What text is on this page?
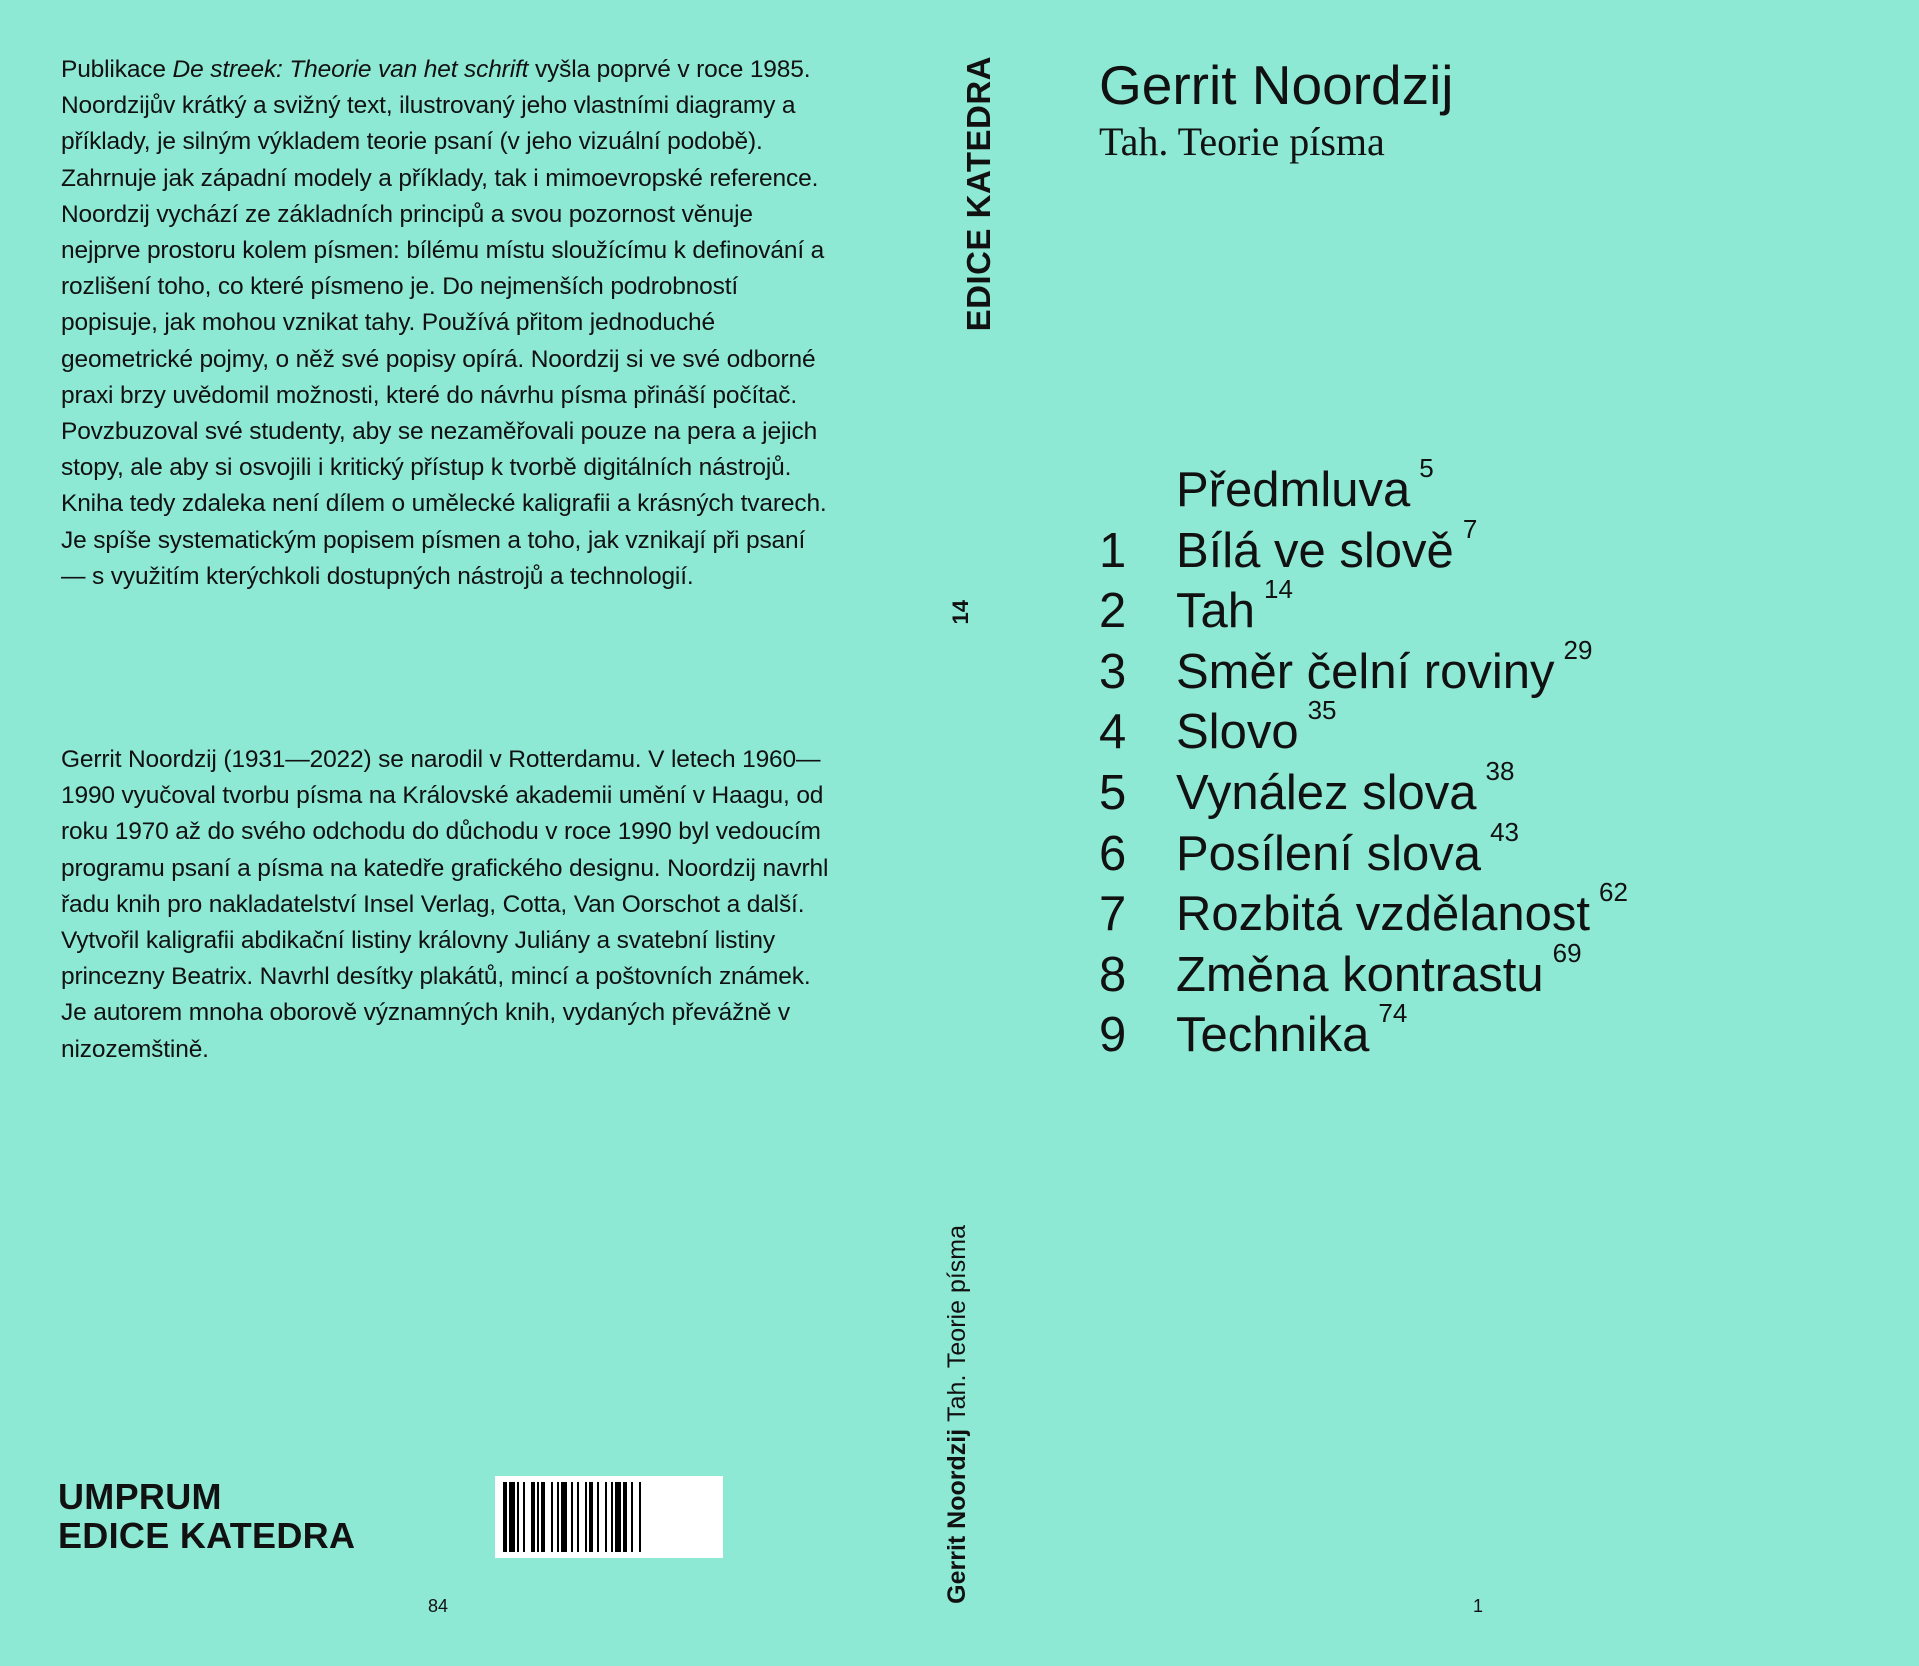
Publikace De streek: Theorie van het schrift vyšla poprvé v roce 1985. Noordzijův krátký a svižný text, ilustrovaný jeho vlastními diagramy a příklady, je silným výkladem teorie psaní (v jeho vizuální podobě). Zahrnuje jak západní modely a příklady, tak i mimoevropské reference. Noordzij vychází ze základních principů a svou pozornost věnuje nejprve prostoru kolem písmen: bílému místu sloužícímu k definování a rozlišení toho, co které písmeno je. Do nejmenších podrobností popisuje, jak mohou vznikat tahy. Používá přitom jednoduché geometrické pojmy, o něž své popisy opírá. Noordzij si ve své odborné praxi brzy uvědomil možnosti, které do návrhu písma přináší počítač. Povzbuzoval své studenty, aby se nezaměřovali pouze na pera a jejich stopy, ale aby si osvojili i kritický přístup k tvorbě digitálních nástrojů. Kniha tedy zdaleka není dílem o umělecké kaligrafii a krásných tvarech. Je spíše systematickým popisem písmen a toho, jak vznikají při psaní — s využitím kterýchkoli dostupných nástrojů a technologií.

Gerrit Noordzij (1931—2022) se narodil v Rotterdamu. V letech 1960—1990 vyučoval tvorbu písma na Královské akademii umění v Haagu, od roku 1970 až do svého odchodu do důchodu v roce 1990 byl vedoucím programu psaní a písma na katedře grafického designu. Noordzij navrhl řadu knih pro nakladatelství Insel Verlag, Cotta, Van Oorschot a další. Vytvořil kaligrafii abdikační listiny královny Juliány a svatební listiny princezny Beatrix. Navrhl desítky plakátů, mincí a poštovních známek. Je autorem mnoha oborově významných knih, vydaných převážně v nizozemštině.

UMPRUM
EDICE KATEDRA
84
EDICE KATEDRA
14
Gerrit Noordzij Tah. Teorie písma
Gerrit Noordzij
Tah. Teorie písma
Předmluva 5
1	Bílá ve slově 7
2	Tah 14
3	Směr čelní roviny 29
4	Slovo 35
5	Vynález slova 38
6	Posílení slova 43
7	Rozbitá vzdělanost 62
8	Změna kontrastu 69
9	Technika 74
1
